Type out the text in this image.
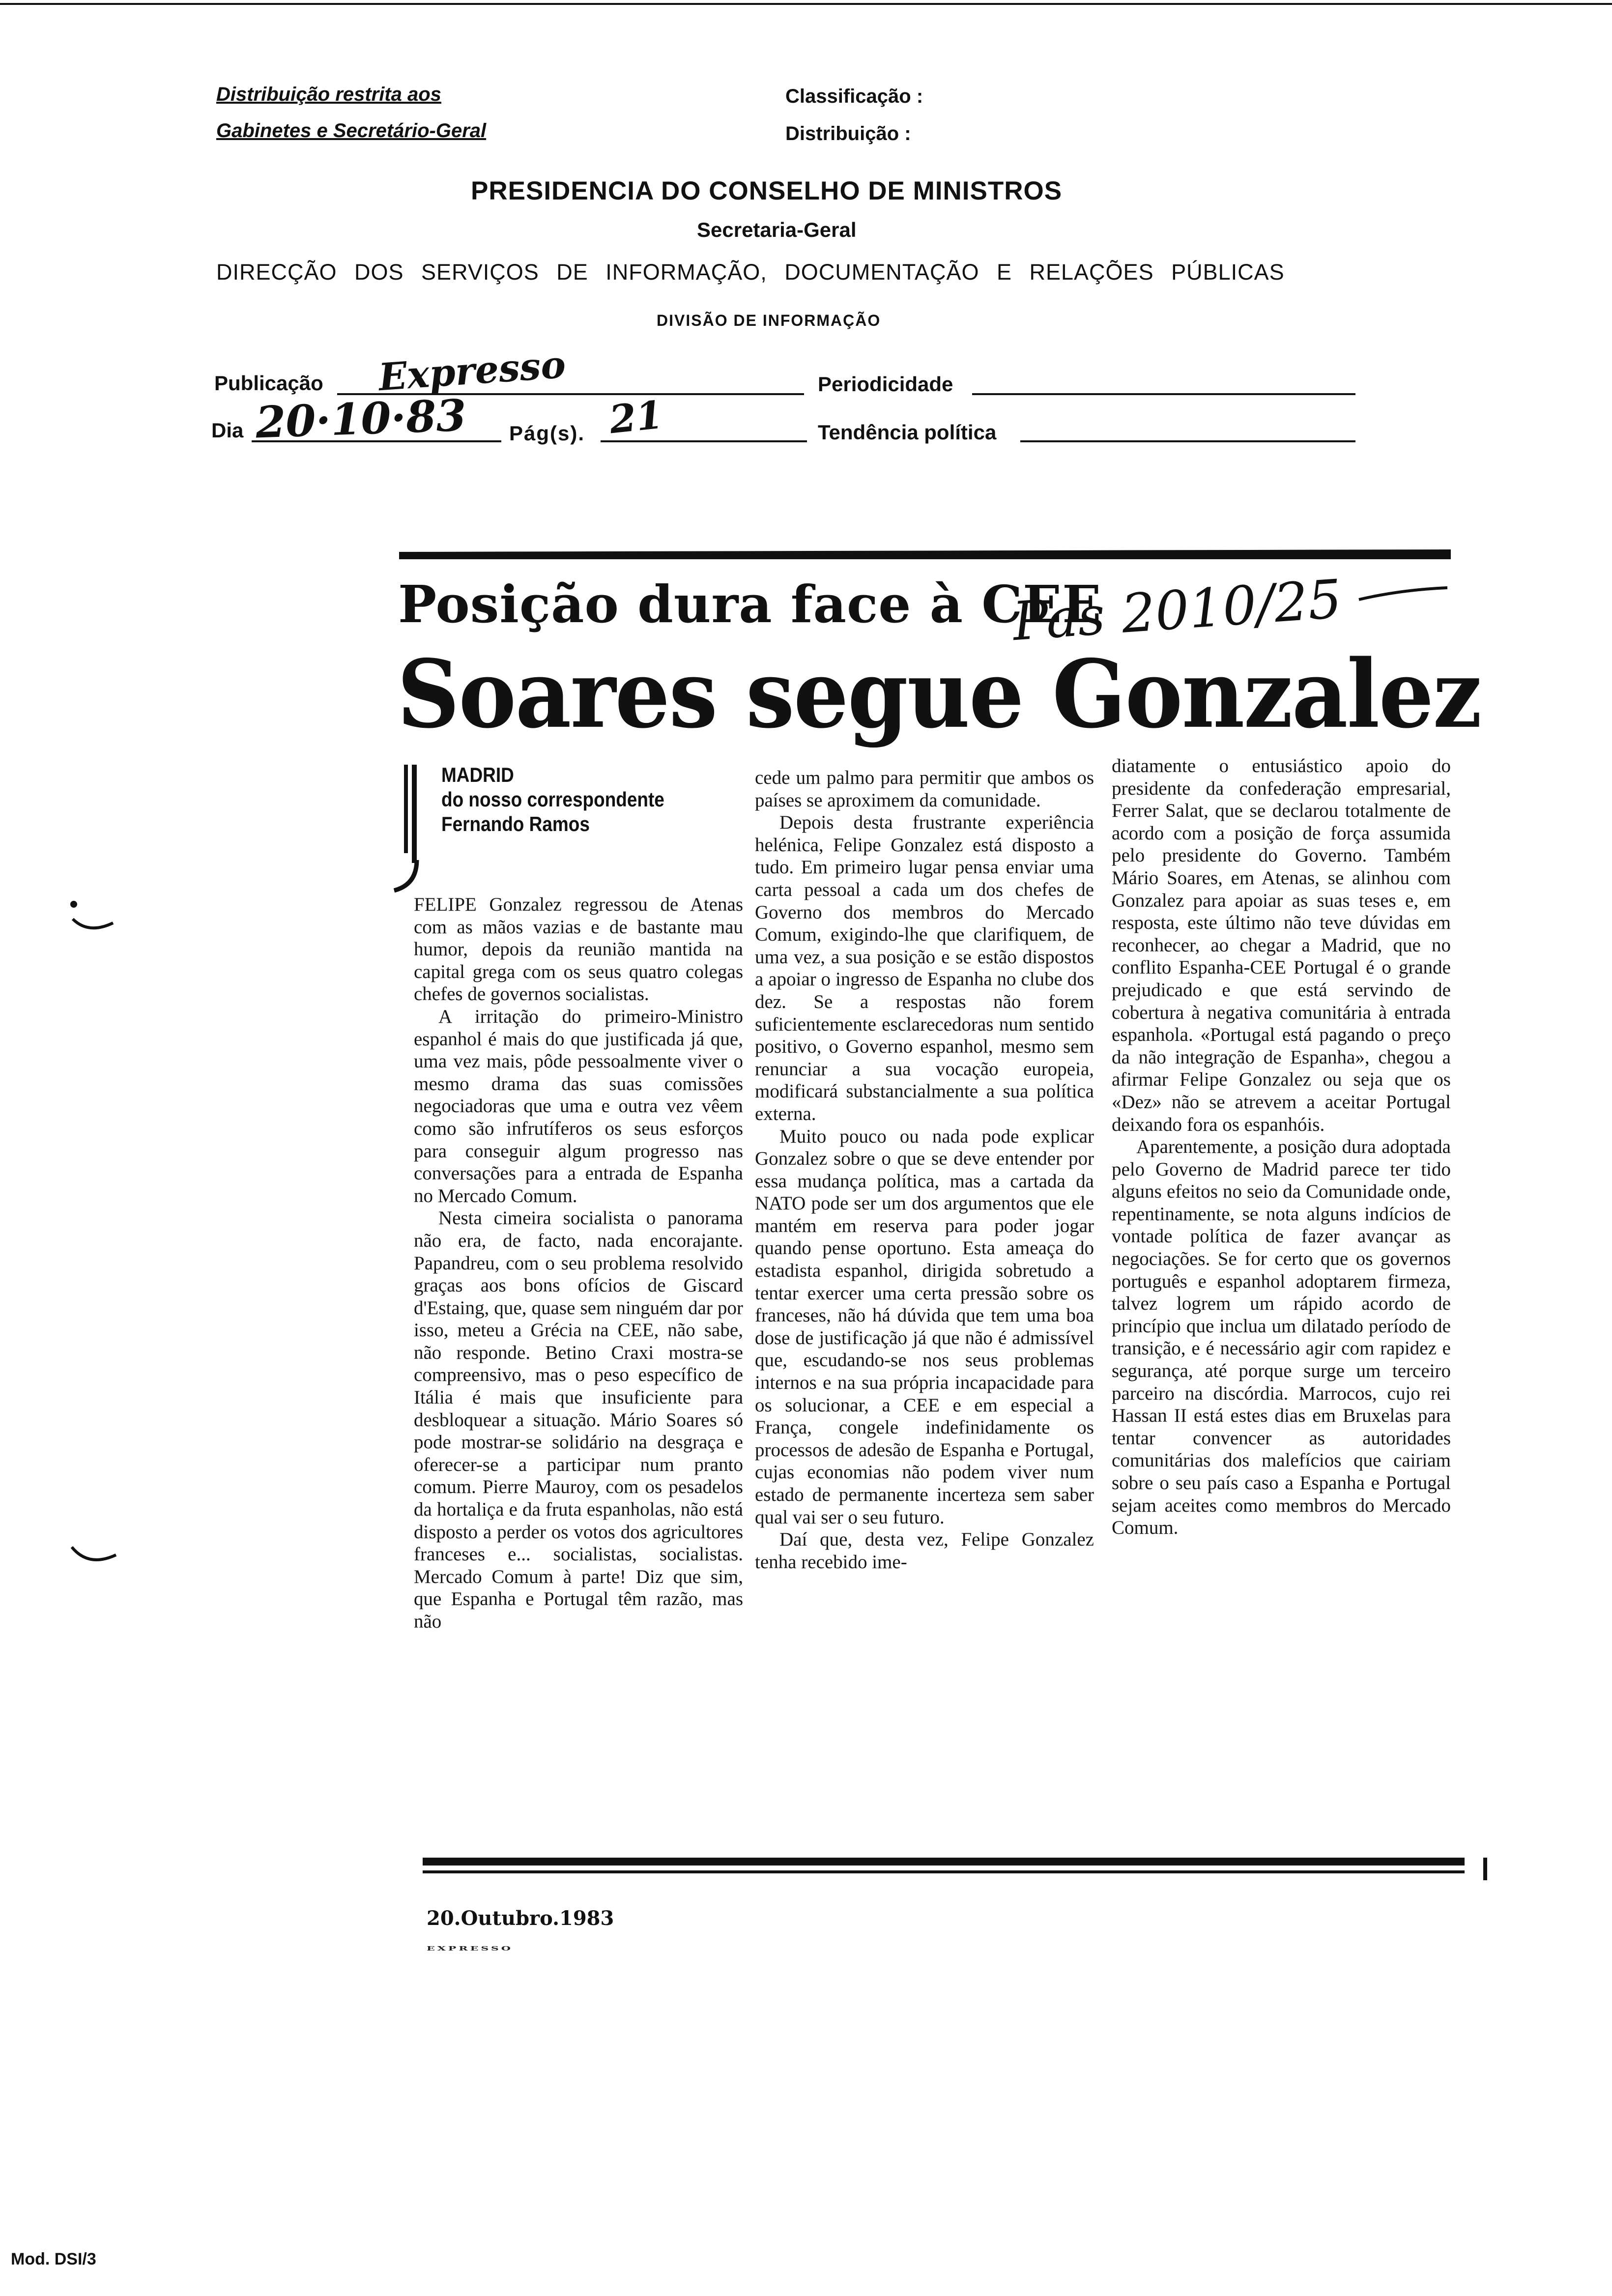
Distribuição restrita aos
Gabinetes e Secretário-Geral
Classificação :
Distribuição :
PRESIDENCIA DO CONSELHO DE MINISTROS
Secretaria-Geral
DIRECÇÃO DOS SERVIÇOS DE INFORMAÇÃO, DOCUMENTAÇÃO E RELAÇÕES PÚBLICAS
DIVISÃO DE INFORMAÇÃO
Publicação Expresso	Periodicidade
Dia 20·10·83 Pág(s). 21	Tendência política
Posição dura face à CEE
Pas 2010/25
Soares segue Gonzalez
MADRID
do nosso correspondente
Fernando Ramos

FELIPE Gonzalez regressou de Atenas com as mãos vazias e de bastante mau humor, depois da reunião mantida na capital grega com os seus quatro colegas chefes de governos socialistas.

A irritação do primeiro-Ministro espanhol é mais do que justificada já que, uma vez mais, pôde pessoalmente viver o mesmo drama das suas comissões negociadoras que uma e outra vez vêem como são infrutíferos os seus esforços para conseguir algum progresso nas conversações para a entrada de Espanha no Mercado Comum.

Nesta cimeira socialista o panorama não era, de facto, nada encorajante. Papandreu, com o seu problema resolvido graças aos bons ofícios de Giscard d'Estaing, que, quase sem ninguém dar por isso, meteu a Grécia na CEE, não sabe, não responde. Betino Craxi mostra-se compreensivo, mas o peso específico de Itália é mais que insuficiente para desbloquear a situação. Mário Soares só pode mostrar-se solidário na desgraça e oferecer-se a participar num pranto comum. Pierre Mauroy, com os pesadelos da hortaliça e da fruta espanholas, não está disposto a perder os votos dos agricultores franceses e... socialistas, socialistas. Mercado Comum à parte! Diz que sim, que Espanha e Portugal têm razão, mas não

cede um palmo para permitir que ambos os países se aproximem da comunidade.

Depois desta frustrante experiência helénica, Felipe Gonzalez está disposto a tudo. Em primeiro lugar pensa enviar uma carta pessoal a cada um dos chefes de Governo dos membros do Mercado Comum, exigindo-lhe que clarifiquem, de uma vez, a sua posição e se estão dispostos a apoiar o ingresso de Espanha no clube dos dez. Se a respostas não forem suficientemente esclarecedoras num sentido positivo, o Governo espanhol, mesmo sem renunciar a sua vocação europeia, modificará substancialmente a sua política externa.

Muito pouco ou nada pode explicar Gonzalez sobre o que se deve entender por essa mudança política, mas a cartada da NATO pode ser um dos argumentos que ele mantém em reserva para poder jogar quando pense oportuno. Esta ameaça do estadista espanhol, dirigida sobretudo a tentar exercer uma certa pressão sobre os franceses, não há dúvida que tem uma boa dose de justificação já que não é admissível que, escudando-se nos seus problemas internos e na sua própria incapacidade para os solucionar, a CEE e em especial a França, congele indefinidamente os processos de adesão de Espanha e Portugal, cujas economias não podem viver num estado de permanente incerteza sem saber qual vai ser o seu futuro.

Daí que, desta vez, Felipe Gonzalez tenha recebido ime-

diatamente o entusiástico apoio do presidente da confederação empresarial, Ferrer Salat, que se declarou totalmente de acordo com a posição de força assumida pelo presidente do Governo. Também Mário Soares, em Atenas, se alinhou com Gonzalez para apoiar as suas teses e, em resposta, este último não teve dúvidas em reconhecer, ao chegar a Madrid, que no conflito Espanha-CEE Portugal é o grande prejudicado e que está servindo de cobertura à negativa comunitária à entrada espanhola. «Portugal está pagando o preço da não integração de Espanha», chegou a afirmar Felipe Gonzalez ou seja que os «Dez» não se atrevem a aceitar Portugal deixando fora os espanhóis.

Aparentemente, a posição dura adoptada pelo Governo de Madrid parece ter tido alguns efeitos no seio da Comunidade onde, repentinamente, se nota alguns indícios de vontade política de fazer avançar as negociações. Se for certo que os governos português e espanhol adoptarem firmeza, talvez logrem um rápido acordo de princípio que inclua um dilatado período de transição, e é necessário agir com rapidez e segurança, até porque surge um terceiro parceiro na discórdia. Marrocos, cujo rei Hassan II está estes dias em Bruxelas para tentar convencer as autoridades comunitárias dos malefícios que cairiam sobre o seu país caso a Espanha e Portugal sejam aceites como membros do Mercado Comum.

20.Outubro.1983
EXPRESSO
Mod. DSI/3
